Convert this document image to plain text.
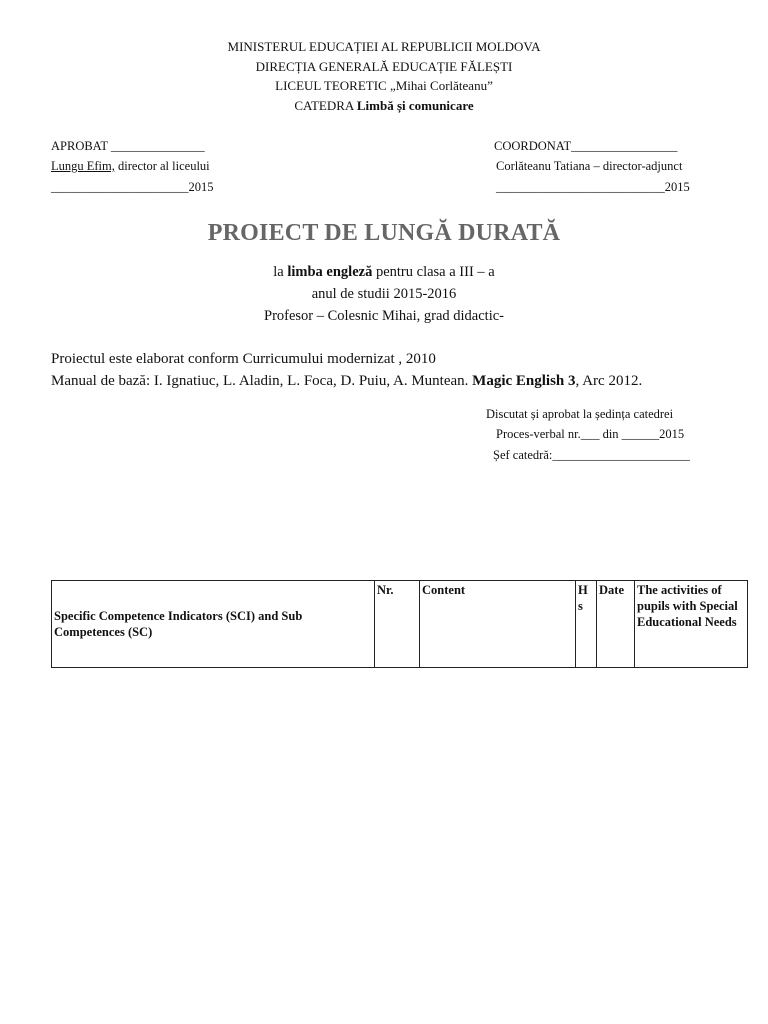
MINISTERUL EDUCAȚIEI AL REPUBLICII MOLDOVA
DIRECȚIA GENERALĂ EDUCAȚIE FĂLEȘTI
LICEUL TEORETIC „Mihai Corlăteanu”
CATEDRA Limbă și comunicare
APROBAT _______________
Lungu Efim, director al liceului
______________________2015
COORDONAT_________________
Corlăteanu Tatiana – director-adjunct
___________________________2015
PROIECT DE LUNGĂ DURATĂ
la limba engleză pentru clasa a III – a
anul de studii 2015-2016
Profesor – Colesnic Mihai, grad didactic-
Proiectul este elaborat conform Curricumului modernizat , 2010
Manual de bază: I. Ignatiuc, L. Aladin, L. Foca, D. Puiu, A. Muntean. Magic English 3, Arc 2012.
Discutat și aprobat la ședința catedrei
Proces-verbal nr.___ din ______2015
Șef catedră:______________________
Specific Competence Indicators (SCI) and Sub Competences (SC)	Nr.	Content	H s	Date	The activities of pupils with Special Educational Needs
